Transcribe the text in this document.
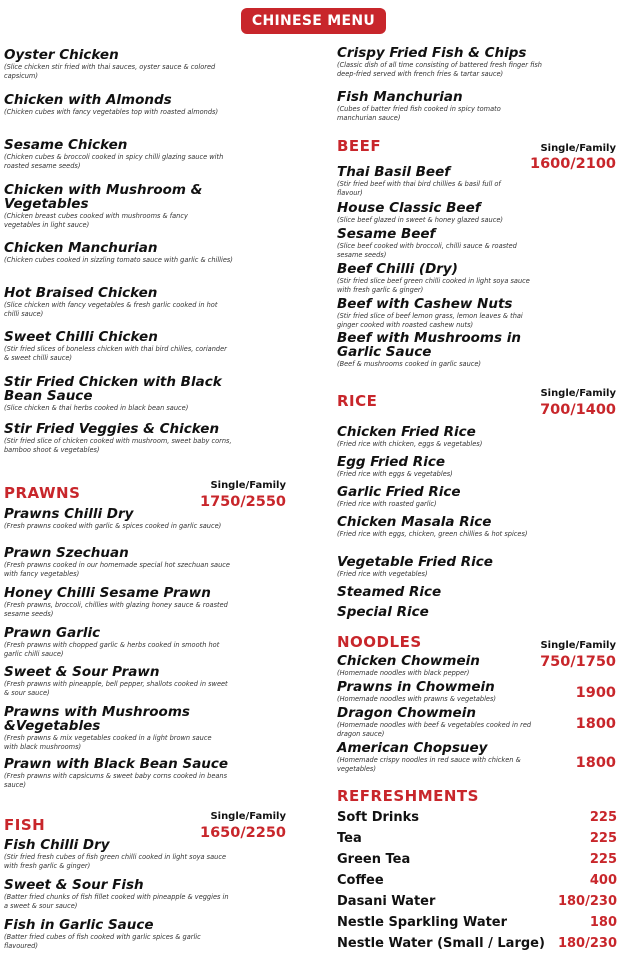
CHINESE MENU
Oyster Chicken
(Slice chicken stir fried with thai sauces, oyster sauce & colored capsicum)
Chicken with Almonds
(Chicken cubes with fancy vegetables top with roasted almonds)
Sesame Chicken
(Chicken cubes & broccoli cooked in spicy chilli glazing sauce with roasted sesame seeds)
Chicken with Mushroom & Vegetables
(Chicken breast cubes cooked with mushrooms & fancy vegetables in light sauce)
Chicken Manchurian
(Chicken cubes cooked in sizzling tomato sauce with garlic & chillies)
Hot Braised Chicken
(Slice chicken with fancy vegetables & fresh garlic cooked in hot chilli sauce)
Sweet Chilli Chicken
(Stir fried slices of boneless chicken with thai bird chilies, coriander & sweet chilli sauce)
Stir Fried Chicken with Black Bean Sauce
(Slice chicken & thai herbs cooked in black bean sauce)
Stir Fried Veggies & Chicken
(Stir fried slice of chicken cooked with mushroom, sweet baby corns, bamboo shoot & vegetables)
PRAWNS	Single/Family
1750/2550
Prawns Chilli Dry
(Fresh prawns cooked with garlic & spices cooked in garlic sauce)
Prawn Szechuan
(Fresh prawns cooked in our homemade special hot szechuan sauce with fancy vegetables)
Honey Chilli Sesame Prawn
(Fresh prawns, broccoli, chillies with glazing honey sauce & roasted sesame seeds)
Prawn Garlic
(Fresh prawns with chopped garlic & herbs cooked in smooth hot garlic chilli sauce)
Sweet & Sour Prawn
(Fresh prawns with pineapple, bell pepper, shallots cooked in sweet & sour sauce)
Prawns with Mushrooms &Vegetables
(Fresh prawns & mix vegetables cooked in a light brown sauce with black mushrooms)
Prawn with Black Bean Sauce
(Fresh prawns with capsicums & sweet baby corns cooked in beans sauce)
FISH	Single/Family
1650/2250
Fish Chilli Dry
(Stir fried fresh cubes of fish green chilli cooked in light soya sauce with fresh garlic & ginger)
Sweet & Sour Fish
(Batter fried chunks of fish fillet cooked with pineapple & veggies in a sweet & sour sauce)
Fish in Garlic Sauce
(Batter fried cubes of fish cooked with garlic spices & garlic flavoured)
Crispy Fried Fish & Chips
(Classic dish of all time consisting of battered fresh finger fish deep-fried served with french fries & tartar sauce)
Fish Manchurian
(Cubes of batter fried fish cooked in spicy tomato manchurian sauce)
BEEF	Single/Family
1600/2100
Thai Basil Beef
(Stir fried beef with thai bird chillies & basil full of flavour)
House Classic Beef
(Slice beef glazed in sweet & honey glazed sauce)
Sesame Beef
(Slice beef cooked with broccoli, chilli sauce & roasted sesame seeds)
Beef Chilli (Dry)
(Stir fried slice beef green chilli cooked in light soya sauce with fresh garlic & ginger)
Beef with Cashew Nuts
(Stir fried slice of beef lemon grass, lemon leaves & thai ginger cooked with roasted cashew nuts)
Beef with Mushrooms in Garlic Sauce
(Beef & mushrooms cooked in garlic sauce)
RICE	Single/Family
700/1400
Chicken Fried Rice
(Fried rice with chicken, eggs & vegetables)
Egg Fried Rice
(Fried rice with eggs & vegetables)
Garlic Fried Rice
(Fried rice with roasted garlic)
Chicken Masala Rice
(Fried rice with eggs, chicken, green chillies & hot spices)
Vegetable Fried Rice
(Fried rice with vegetables)
Steamed Rice
Special Rice
NOODLES	Single/Family
Chicken Chowmein
(Homemade noodles with black pepper)
750/1750
Prawns in Chowmein
(Homemade noodles with prawns & vegetables)	1900
Dragon Chowmein
(Homemade noodles with beef & vegetables cooked in red dragon sauce)
1800
American Chopsuey
(Homemade crispy noodles in red sauce with chicken & vegetables)	1800
REFRESHMENTS
Soft Drinks	225
Tea	225
Green Tea	225
Coffee	400
Dasani Water	180/230
Nestle Sparkling Water	180
Nestle Water (Small / Large) 180/230
